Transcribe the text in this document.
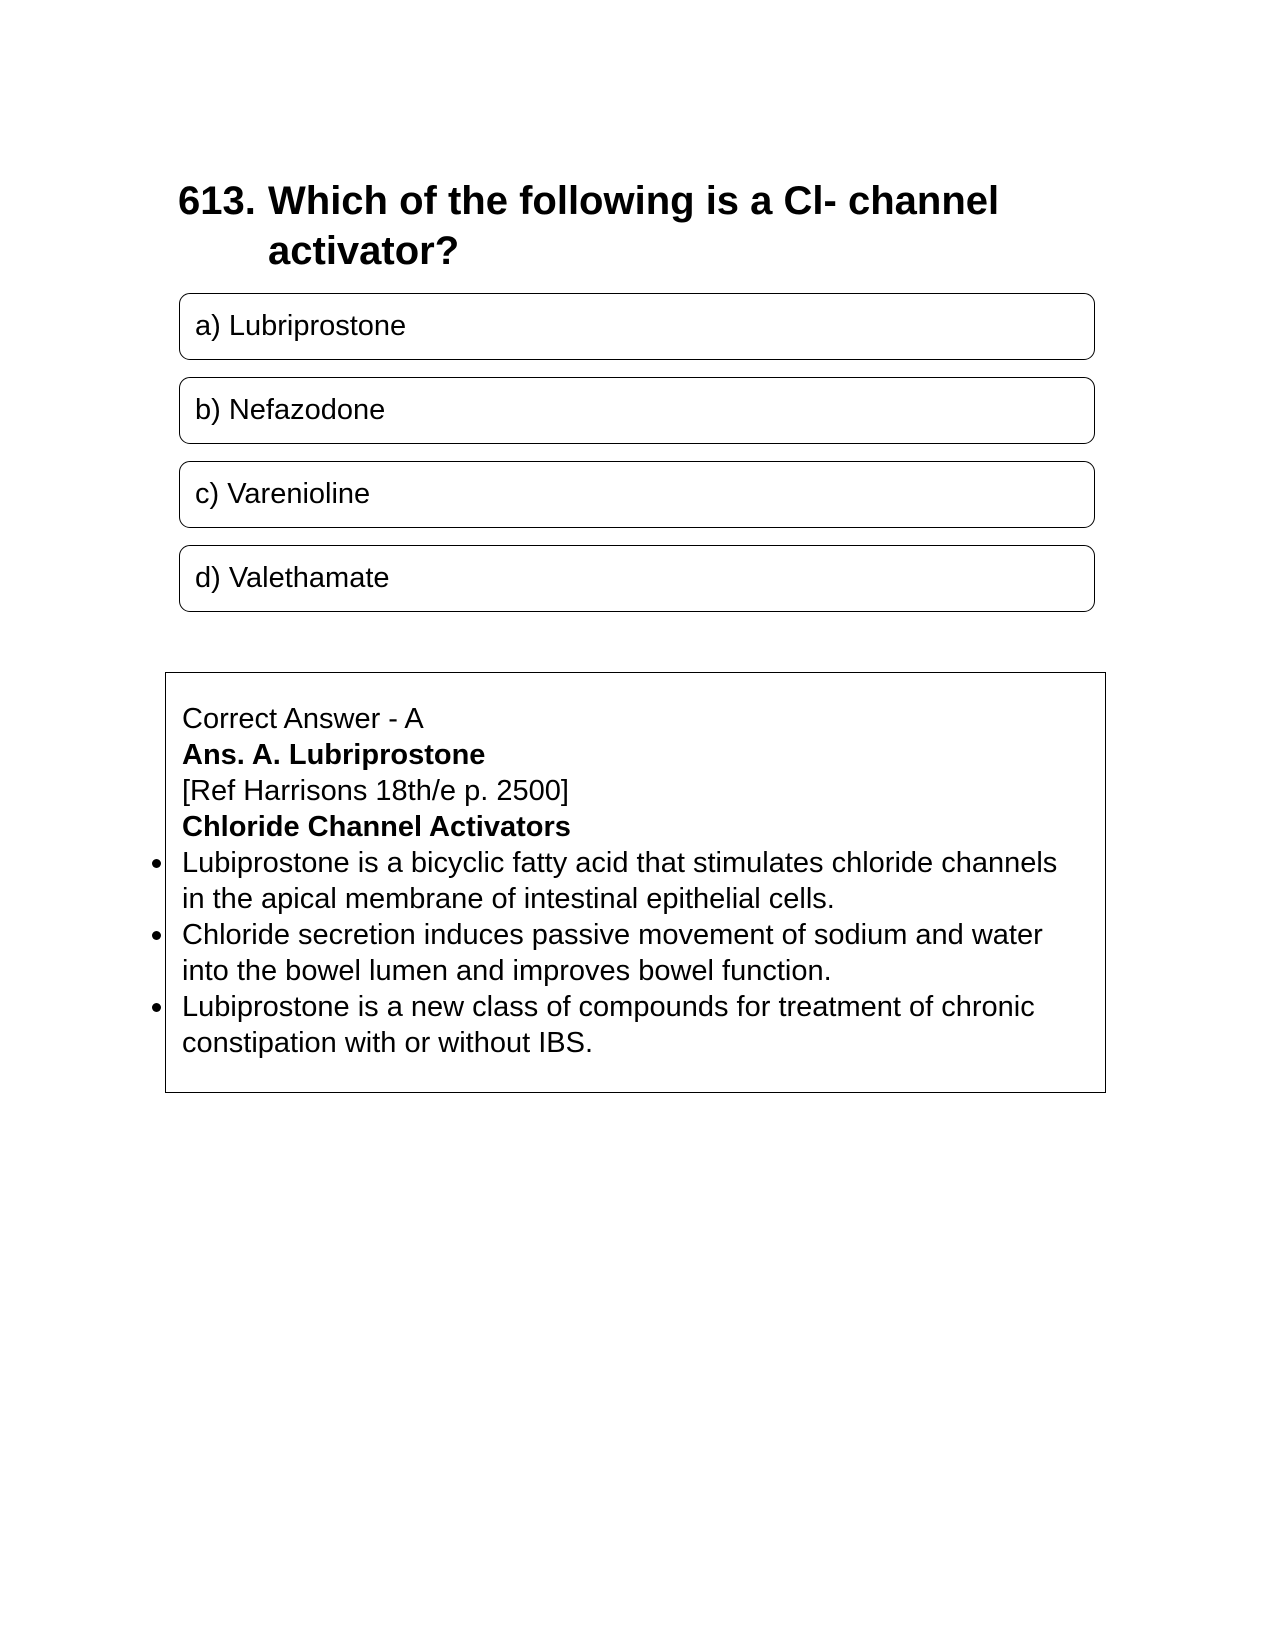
613. Which of the following is a Cl- channel activator?
a) Lubriprostone
b) Nefazodone
c) Varenioline
d) Valethamate
Correct Answer - A
Ans. A. Lubriprostone
[Ref Harrisons 18th/e p. 2500]
Chloride Channel Activators
Lubiprostone is a bicyclic fatty acid that stimulates chloride channels in the apical membrane of intestinal epithelial cells.
Chloride secretion induces passive movement of sodium and water into the bowel lumen and improves bowel function.
Lubiprostone is a new class of compounds for treatment of chronic constipation with or without IBS.
